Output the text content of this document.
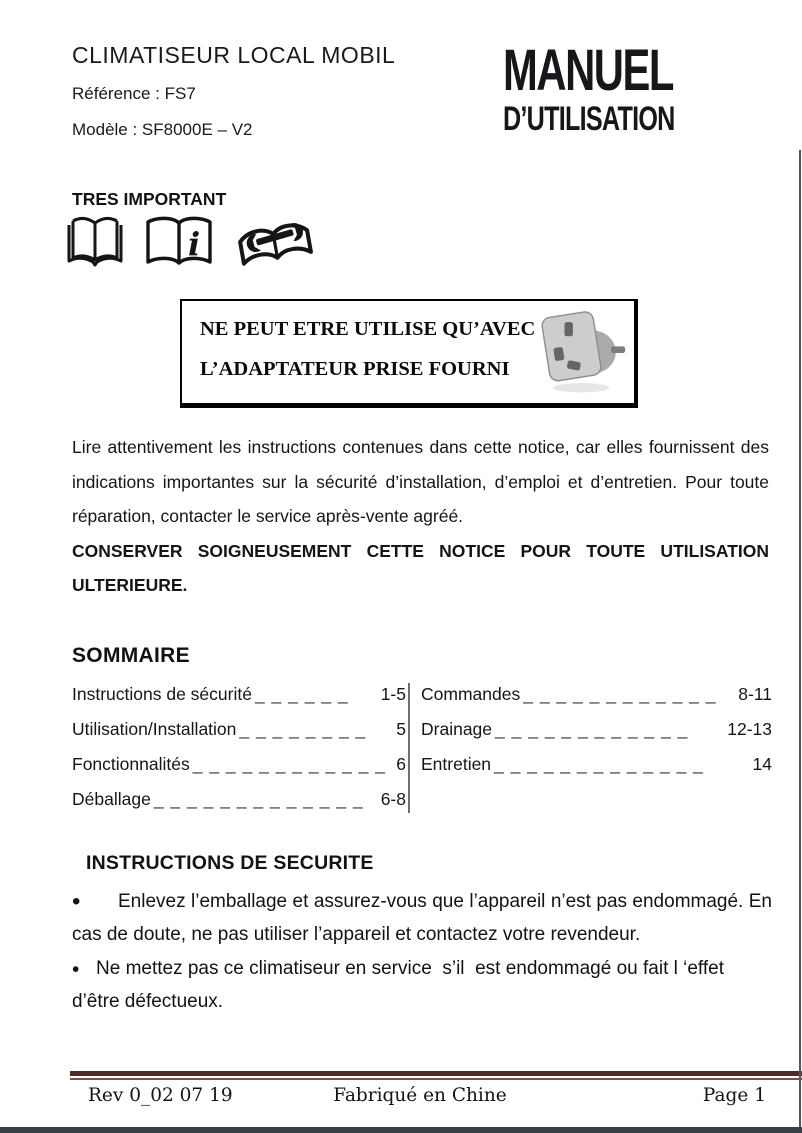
CLIMATISEUR LOCAL MOBIL
Référence : FS7
Modèle : SF8000E – V2
MANUEL
D’UTILISATION
TRES IMPORTANT
i
NE PEUT ETRE UTILISE QU’AVEC
L’ADAPTATEUR PRISE FOURNI

Lire attentivement les instructions contenues dans cette notice, car elles fournissent des indications importantes sur la sécurité d’installation, d’emploi et d’entretien. Pour toute réparation, contacter le service après-vente agréé.

CONSERVER SOIGNEUSEMENT CETTE NOTICE POUR TOUTE UTILISATION ULTERIEURE.

SOMMAIRE
Instructions de sécurité _ _ _ _ _ _	1-5
Utilisation/Installation _ _ _ _ _ _ _ _	5
Fonctionnalités _ _ _ _ _ _ _ _ _ _ _ _ 6
Déballage _ _ _ _ _ _ _ _ _ _ _ _ _ 6-8
Commandes _ _ _ _ _ _ _ _ _ _ _ _	8-11
Drainage _ _ _ _ _ _ _ _ _ _ _ _	12-13
Entretien _ _ _ _ _ _ _ _ _ _ _ _ _	14
INSTRUCTIONS DE SECURITE

• Enlevez l’emballage et assurez-vous que l’appareil n’est pas endommagé. En cas de doute, ne pas utiliser l’appareil et contactez votre revendeur.

• Ne mettez pas ce climatiseur en service  s’il  est endommagé ou fait l ‘effet d’être défectueux.

Rev 0_02 07 19	Fabriqué en Chine	Page 1
